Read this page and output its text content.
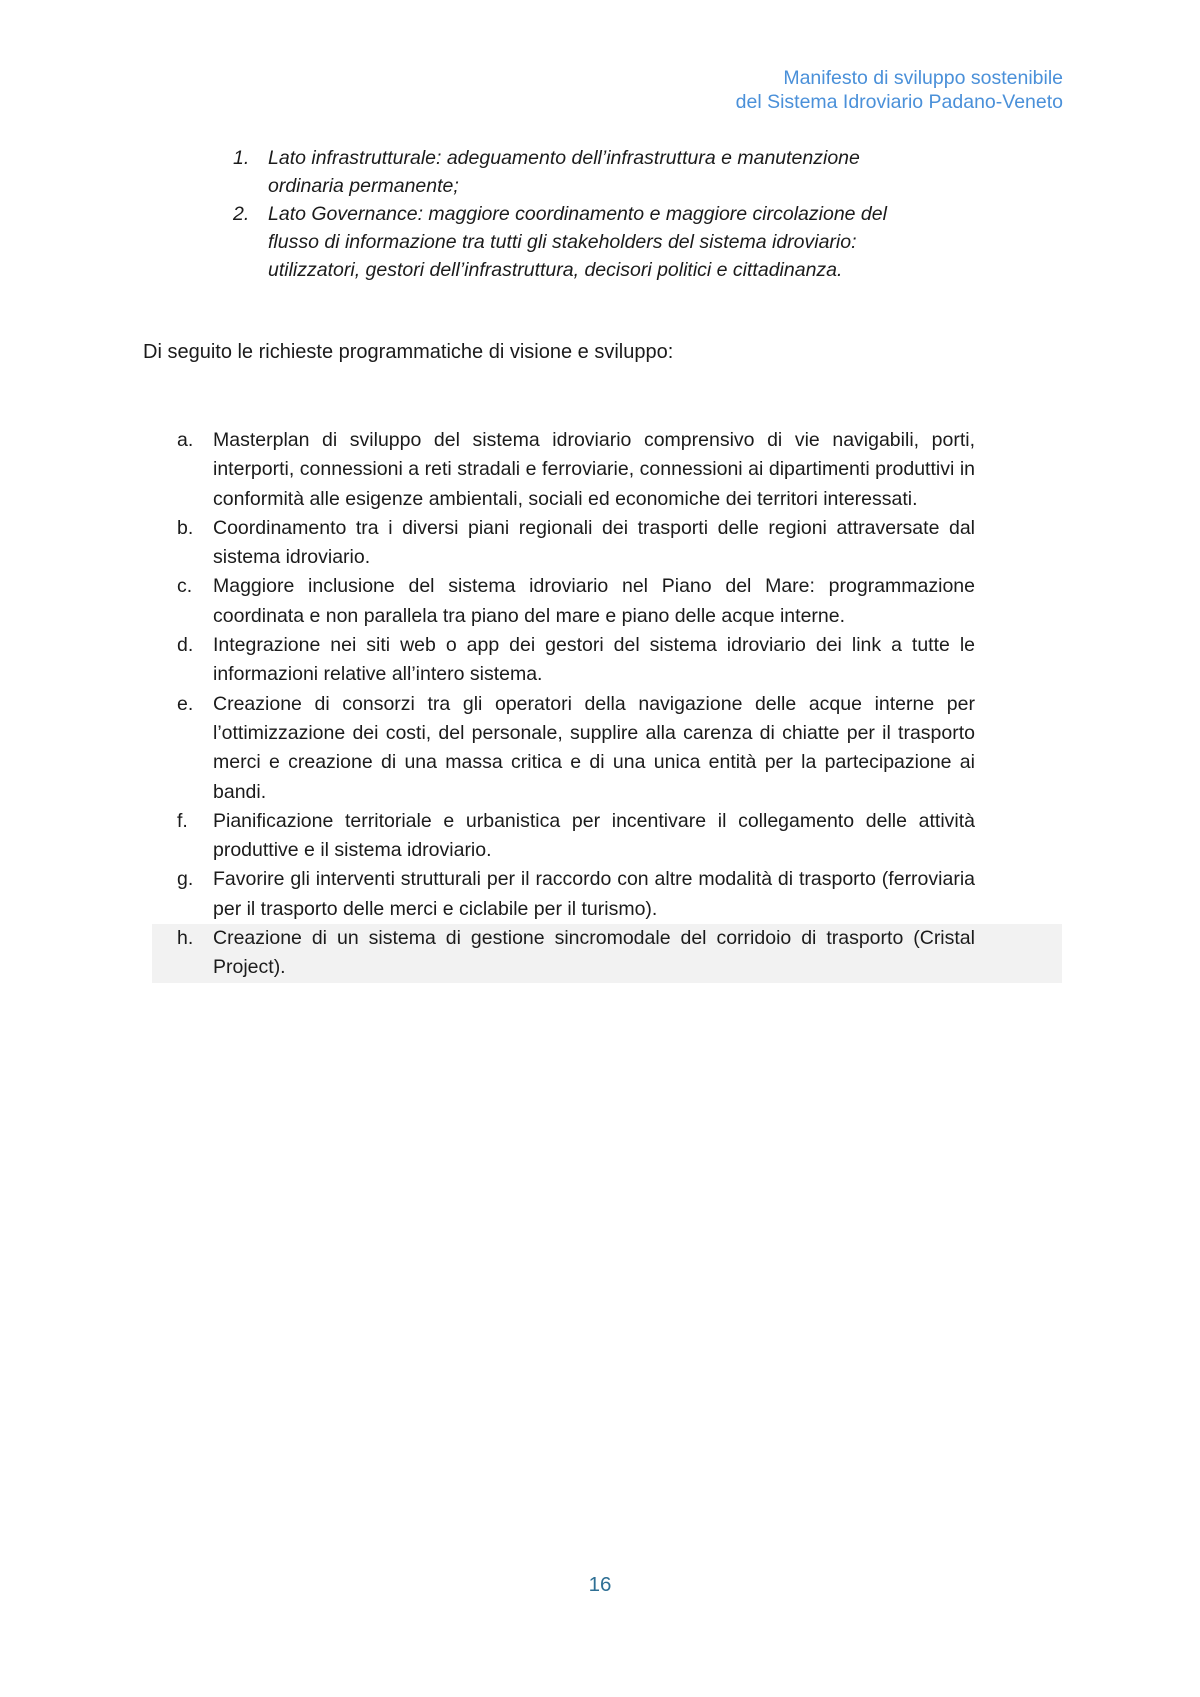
Manifesto di sviluppo sostenibile
del Sistema Idroviario Padano-Veneto
1. Lato infrastrutturale: adeguamento dell’infrastruttura e manutenzione ordinaria permanente;
2. Lato Governance: maggiore coordinamento e maggiore circolazione del flusso di informazione tra tutti gli stakeholders del sistema idroviario: utilizzatori, gestori dell’infrastruttura, decisori politici e cittadinanza.
Di seguito le richieste programmatiche di visione e sviluppo:
a.	Masterplan di sviluppo del sistema idroviario comprensivo di vie navigabili, porti, interporti, connessioni a reti stradali e ferroviarie, connessioni ai dipartimenti produttivi in conformità alle esigenze ambientali, sociali ed economiche dei territori interessati.
b.	Coordinamento tra i diversi piani regionali dei trasporti delle regioni attraversate dal sistema idroviario.
c.	Maggiore inclusione del sistema idroviario nel Piano del Mare: programmazione coordinata e non parallela tra piano del mare e piano delle acque interne.
d.	Integrazione nei siti web o app dei gestori del sistema idroviario dei link a tutte le informazioni relative all’intero sistema.
e.	Creazione di consorzi tra gli operatori della navigazione delle acque interne per l’ottimizzazione dei costi, del personale, supplire alla carenza di chiatte per il trasporto merci e creazione di una massa critica e di una unica entità per la partecipazione ai bandi.
f.	Pianificazione territoriale e urbanistica per incentivare il collegamento delle attività produttive e il sistema idroviario.
g.	Favorire gli interventi strutturali per il raccordo con altre modalità di trasporto (ferroviaria per il trasporto delle merci e ciclabile per il turismo).
h.	Creazione di un sistema di gestione sincromodale del corridoio di trasporto (Cristal Project).
16
